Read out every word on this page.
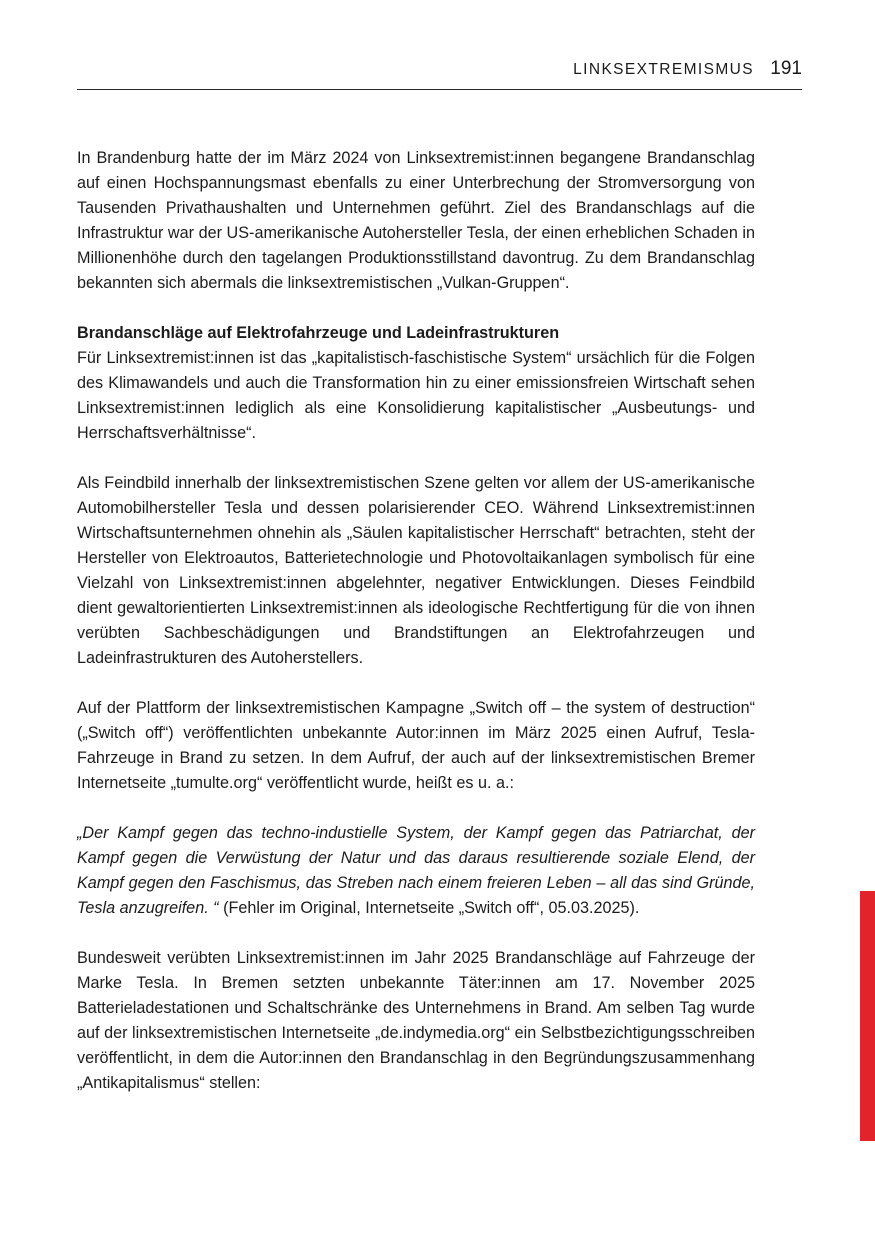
LINKSEXTREMISMUS 191

In Brandenburg hatte der im März 2024 von Linksextremist:innen begangene Brandanschlag auf einen Hochspannungsmast ebenfalls zu einer Unterbrechung der Stromversorgung von Tausenden Privathaushalten und Unternehmen geführt. Ziel des Brandanschlags auf die Infrastruktur war der US-amerikanische Autohersteller Tesla, der einen erheblichen Schaden in Millionenhöhe durch den tagelangen Produktionsstillstand davontrug. Zu dem Brandanschlag bekannten sich abermals die linksextremistischen „Vulkan-Gruppen“.

Brandanschläge auf Elektrofahrzeuge und Ladeinfrastrukturen

Für Linksextremist:innen ist das „kapitalistisch-faschistische System“ ursächlich für die Folgen des Klimawandels und auch die Transformation hin zu einer emissionsfreien Wirtschaft sehen Linksextremist:innen lediglich als eine Konsolidierung kapitalistischer „Ausbeutungs- und Herrschaftsverhältnisse“.

Als Feindbild innerhalb der linksextremistischen Szene gelten vor allem der US-amerikanische Automobilhersteller Tesla und dessen polarisierender CEO. Während Linksextremist:innen Wirtschaftsunternehmen ohnehin als „Säulen kapitalistischer Herrschaft“ betrachten, steht der Hersteller von Elektroautos, Batterietechnologie und Photovoltaikanlagen symbolisch für eine Vielzahl von Linksextremist:innen abgelehnter, negativer Entwicklungen. Dieses Feindbild dient gewaltorientierten Linksextremist:innen als ideologische Rechtfertigung für die von ihnen verübten Sachbeschädigungen und Brandstiftungen an Elektrofahrzeugen und Ladeinfrastrukturen des Autoherstellers.

Auf der Plattform der linksextremistischen Kampagne „Switch off – the system of destruction“ („Switch off“) veröffentlichten unbekannte Autor:innen im März 2025 einen Aufruf, Tesla-Fahrzeuge in Brand zu setzen. In dem Aufruf, der auch auf der linksextremistischen Bremer Internetseite „tumulte.org“ veröffentlicht wurde, heißt es u. a.:

„Der Kampf gegen das techno-industielle System, der Kampf gegen das Patriarchat, der Kampf gegen die Verwüstung der Natur und das daraus resultierende soziale Elend, der Kampf gegen den Faschismus, das Streben nach einem freieren Leben – all das sind Gründe, Tesla anzugreifen. “ (Fehler im Original, Internetseite „Switch off“, 05.03.2025).

Bundesweit verübten Linksextremist:innen im Jahr 2025 Brandanschläge auf Fahrzeuge der Marke Tesla. In Bremen setzten unbekannte Täter:innen am 17. November 2025 Batterieladestationen und Schaltschränke des Unternehmens in Brand. Am selben Tag wurde auf der linksextremistischen Internetseite „de.indymedia.org“ ein Selbstbezichtigungsschreiben veröffentlicht, in dem die Autor:innen den Brandanschlag in den Begründungszusammenhang „Antikapitalismus“ stellen:
